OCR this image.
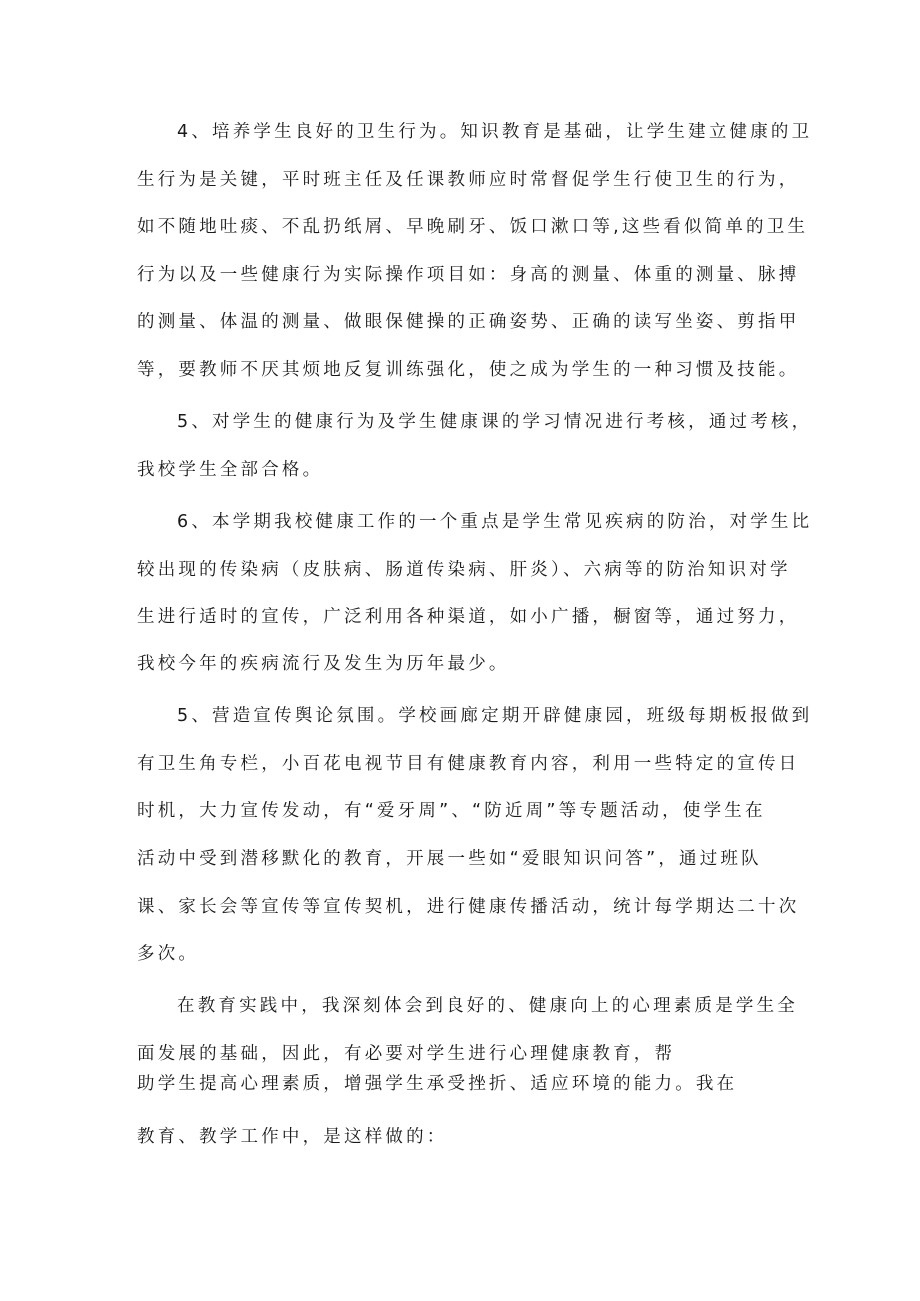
4、培养学生良好的卫生行为。知识教育是基础，让学生建立健康的卫

生行为是关键，平时班主任及任课教师应时常督促学生行使卫生的行为，

如不随地吐痰、不乱扔纸屑、早晚刷牙、饭口漱口等,这些看似简单的卫生

行为以及一些健康行为实际操作项目如：身高的测量、体重的测量、脉搏

的测量、体温的测量、做眼保健操的正确姿势、正确的读写坐姿、剪指甲

等，要教师不厌其烦地反复训练强化，使之成为学生的一种习惯及技能。

5、对学生的健康行为及学生健康课的学习情况进行考核，通过考核，

我校学生全部合格。

6、本学期我校健康工作的一个重点是学生常见疾病的防治，对学生比

较出现的传染病（皮肤病、肠道传染病、肝炎）、六病等的防治知识对学

生进行适时的宣传，广泛利用各种渠道，如小广播，橱窗等，通过努力，

我校今年的疾病流行及发生为历年最少。

5、营造宣传舆论氛围。学校画廊定期开辟健康园，班级每期板报做到

有卫生角专栏，小百花电视节目有健康教育内容，利用一些特定的宣传日

时机，大力宣传发动，有“爱牙周”、“防近周”等专题活动，使学生在

活动中受到潜移默化的教育，开展一些如“爱眼知识问答”，通过班队

课、家长会等宣传等宣传契机，进行健康传播活动，统计每学期达二十次

多次。

在教育实践中，我深刻体会到良好的、健康向上的心理素质是学生全

面发展的基础，因此，有必要对学生进行心理健康教育，帮

助学生提高心理素质，增强学生承受挫折、适应环境的能力。我在

教育、教学工作中，是这样做的：
